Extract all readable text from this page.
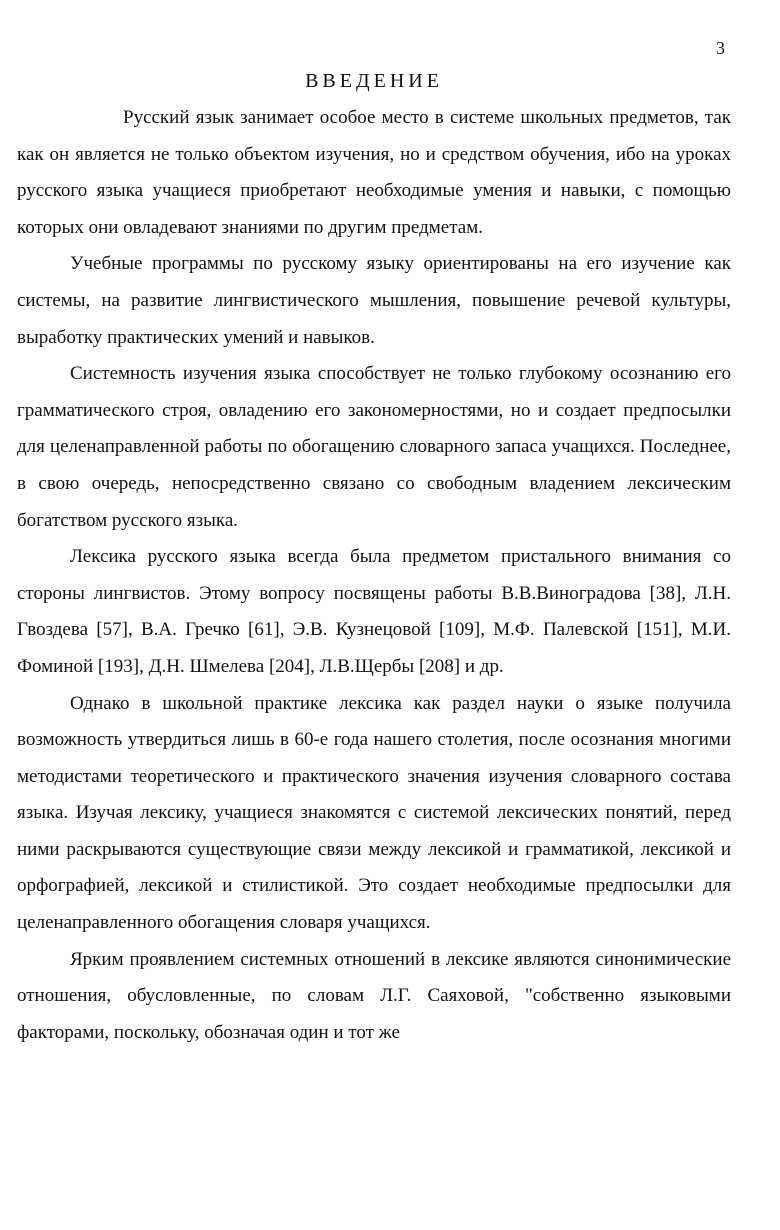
3
ВВЕДЕНИЕ

Русский язык занимает особое место в системе школьных предметов, так как он является не только объектом изучения, но и средством обучения, ибо на уроках русского языка учащиеся приобретают необходимые умения и навыки, с помощью которых они овладевают знаниями по другим предметам.

Учебные программы по русскому языку ориентированы на его изучение как системы, на развитие лингвистического мышления, повышение речевой культуры, выработку практических умений и навыков.

Системность изучения языка способствует не только глубокому осознанию его грамматического строя, овладению его закономерностями, но и создает предпосылки для целенаправленной работы по обогащению словарного запаса учащихся. Последнее, в свою очередь, непосредственно связано со свободным владением лексическим богатством русского языка.

Лексика русского языка всегда была предметом пристального внимания со стороны лингвистов. Этому вопросу посвящены работы В.В.Виноградова [38], Л.Н. Гвоздева [57], В.А. Гречко [61], Э.В. Кузнецовой [109], М.Ф. Палевской [151], М.И. Фоминой [193], Д.Н. Шмелева [204], Л.В.Щербы [208] и др.

Однако в школьной практике лексика как раздел науки о языке получила возможность утвердиться лишь в 60-е года нашего столетия, после осознания многими методистами теоретического и практического значения изучения словарного состава языка. Изучая лексику, учащиеся знакомятся с системой лексических понятий, перед ними раскрываются существующие связи между лексикой и грамматикой, лексикой и орфографией, лексикой и стилистикой. Это создает необходимые предпосылки для целенаправленного обогащения словаря учащихся.

Ярким проявлением системных отношений в лексике являются синонимические отношения, обусловленные, по словам Л.Г. Саяховой, "собственно языковыми факторами, поскольку, обозначая один и тот же
